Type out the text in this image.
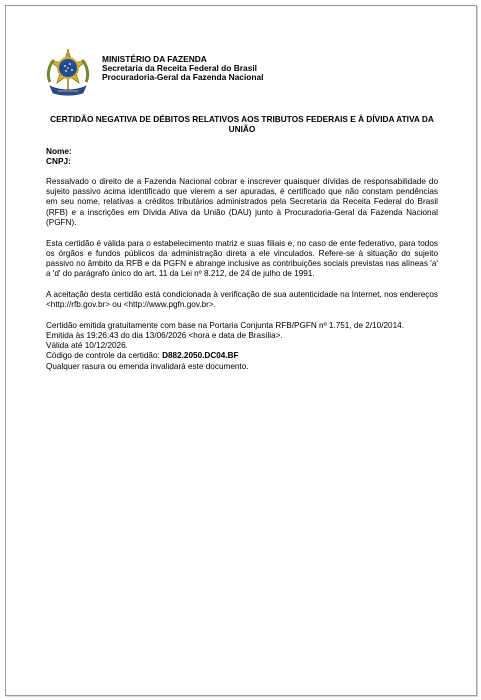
MINISTÉRIO DA FAZENDA
Secretaria da Receita Federal do Brasil
Procuradoria-Geral da Fazenda Nacional
CERTIDÃO NEGATIVA DE DÉBITOS RELATIVOS AOS TRIBUTOS FEDERAIS E À DÍVIDA ATIVA DA UNIÃO
Nome:
CNPJ:

Ressalvado o direito de a Fazenda Nacional cobrar e inscrever quaisquer dívidas de responsabilidade do sujeito passivo acima identificado que vierem a ser apuradas, é certificado que não constam pendências em seu nome, relativas a créditos tributários administrados pela Secretaria da Receita Federal do Brasil (RFB) e a inscrições em Dívida Ativa da União (DAU) junto à Procuradoria-Geral da Fazenda Nacional (PGFN).

Esta certidão é válida para o estabelecimento matriz e suas filiais e, no caso de ente federativo, para todos os órgãos e fundos públicos da administração direta a ele vinculados. Refere-se à situação do sujeito passivo no âmbito da RFB e da PGFN e abrange inclusive as contribuições sociais previstas nas alíneas 'a' a 'd' do parágrafo único do art. 11 da Lei nº 8.212, de 24 de julho de 1991.

A aceitação desta certidão está condicionada à verificação de sua autenticidade na Internet, nos endereços <http://rfb.gov.br> ou <http://www.pgfn.gov.br>.

Certidão emitida gratuitamente com base na Portaria Conjunta RFB/PGFN nº 1.751, de 2/10/2014.
Emitida às 19:26:43 do dia 13/06/2026 <hora e data de Brasília>.
Válida até 10/12/2026.
Código de controle da certidão: D882.2050.DC04.BF
Qualquer rasura ou emenda invalidará este documento.
